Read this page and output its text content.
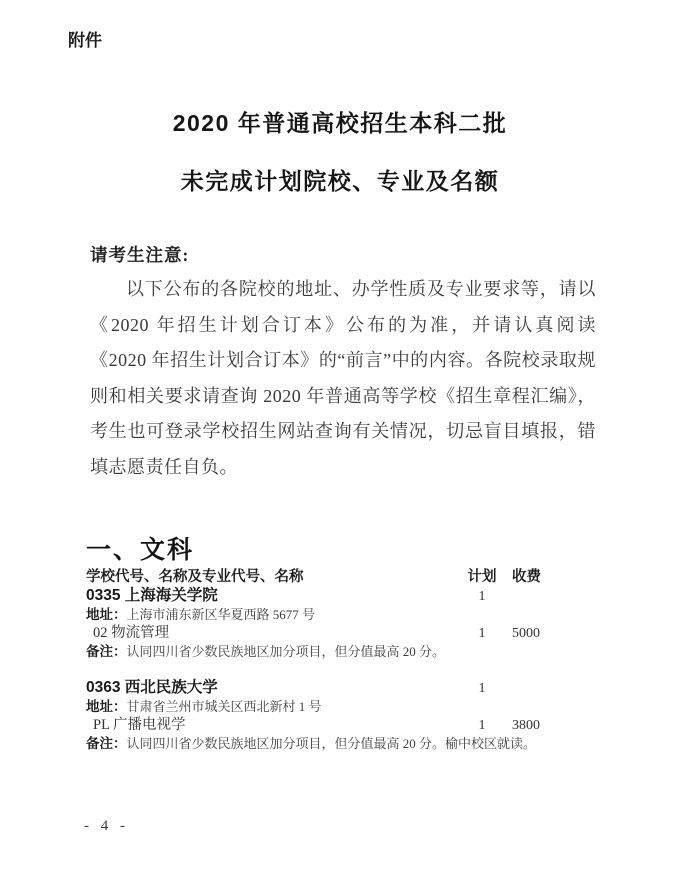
附件

2020 年普通高校招生本科二批
未完成计划院校、专业及名额
请考生注意:
以下公布的各院校的地址、办学性质及专业要求等，请以《2020 年招生计划合订本》公布的为准，并请认真阅读《2020 年招生计划合订本》的“前言”中的内容。各院校录取规则和相关要求请查询 2020 年普通高等学校《招生章程汇编》，考生也可登录学校招生网站查询有关情况，切忌盲目填报，错填志愿责任自负。
一、文科
学校代号、名称及专业代号、名称	计划	收费
0335 上海海关学院	1
地址：上海市浦东新区华夏西路 5677 号
02 物流管理	1	5000
备注：认同四川省少数民族地区加分项目，但分值最高 20 分。
0363 西北民族大学	1
地址：甘肃省兰州市城关区西北新村 1 号
PL 广播电视学	1	3800
备注：认同四川省少数民族地区加分项目，但分值最高 20 分。榆中校区就读。
- 4 -
